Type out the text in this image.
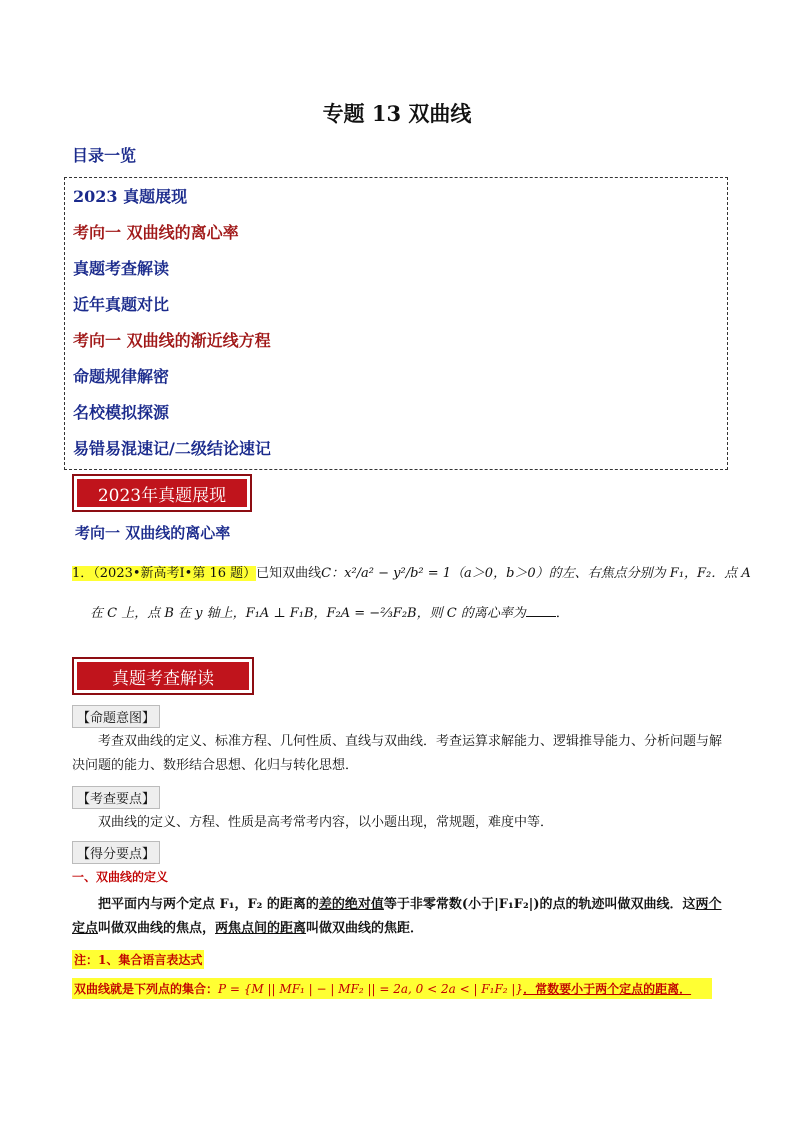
专题 13 双曲线
目录一览
2023 真题展现
考向一 双曲线的离心率
真题考查解读
近年真题对比
考向一 双曲线的渐近线方程
命题规律解密
名校模拟探源
易错易混速记/二级结论速记
2023年真题展现
考向一 双曲线的离心率
1．（2023•新高考Ⅰ•第 16 题）已知双曲线C：x²/a² − y²/b² = 1（a＞0，b＞0）的左、右焦点分别为 F₁，F₂．点 A
在 C 上，点 B 在 y 轴上，F₁A ⊥ F₁B，F₂A = −⅔F₂B，则 C 的离心率为 ．
真题考查解读
【命题意图】
考查双曲线的定义、标准方程、几何性质、直线与双曲线．考查运算求解能力、逻辑推导能力、分析问题与解决问题的能力、数形结合思想、化归与转化思想．
【考查要点】
双曲线的定义、方程、性质是高考常考内容，以小题出现，常规题，难度中等．
【得分要点】
一、双曲线的定义
把平面内与两个定点 F₁，F₂ 的距离的差的绝对值等于非零常数(小于|F₁F₂|)的点的轨迹叫做双曲线．这两个定点叫做双曲线的焦点，两焦点间的距离叫做双曲线的焦距．
注：1、集合语言表达式
双曲线就是下列点的集合：P = {M || MF₁ | − | MF₂ || = 2a, 0 < 2a < | F₁F₂ |}．常数要小于两个定点的距离．
